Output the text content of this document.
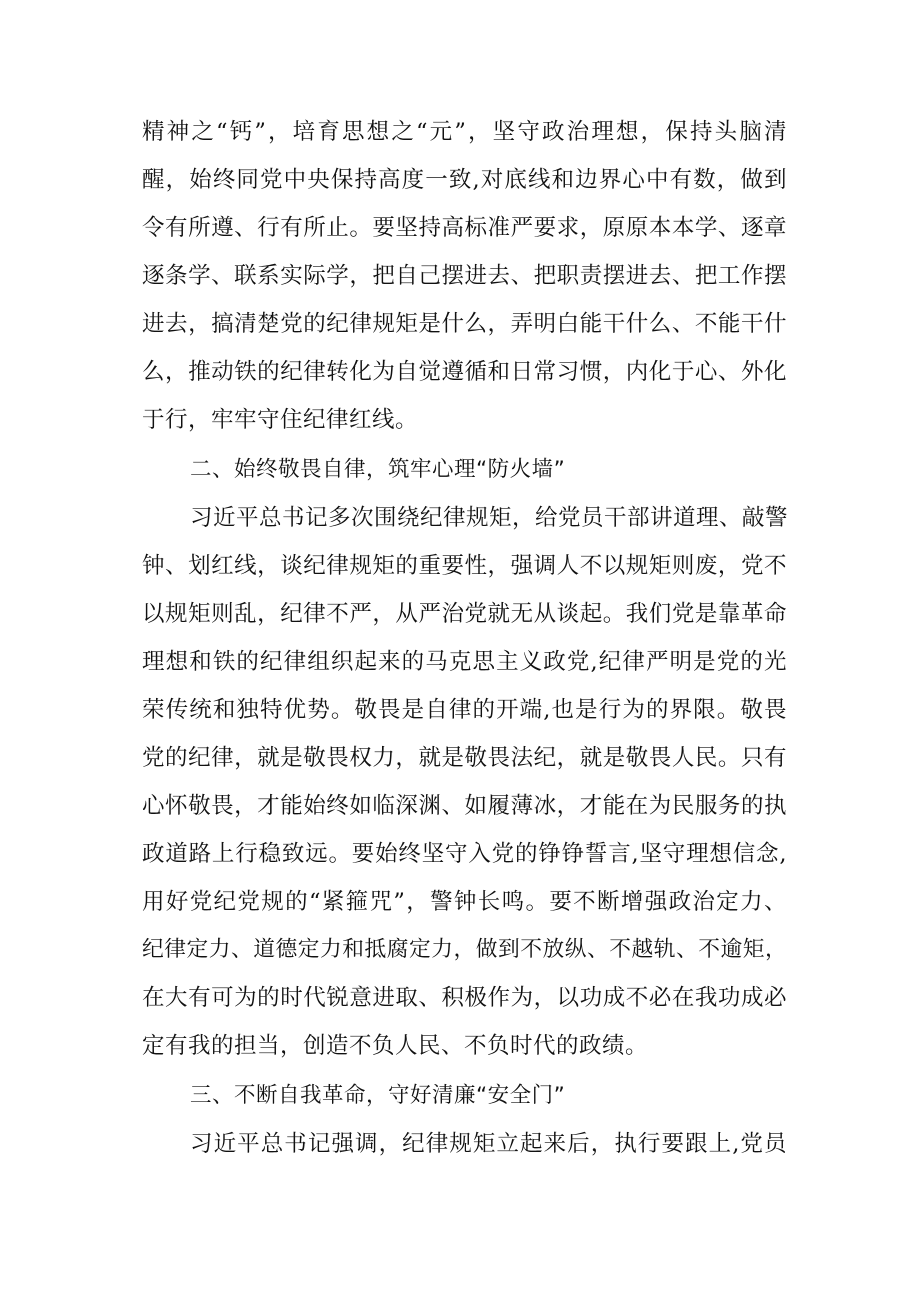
精神之“钙”，培育思想之“元”，坚守政治理想，保持头脑清
醒，始终同党中央保持高度一致,对底线和边界心中有数，做到
令有所遵、行有所止。要坚持高标准严要求，原原本本学、逐章
逐条学、联系实际学，把自己摆进去、把职责摆进去、把工作摆
进去，搞清楚党的纪律规矩是什么，弄明白能干什么、不能干什
么，推动铁的纪律转化为自觉遵循和日常习惯，内化于心、外化
于行，牢牢守住纪律红线。
二、始终敬畏自律，筑牢心理“防火墙”
习近平总书记多次围绕纪律规矩，给党员干部讲道理、敲警
钟、划红线，谈纪律规矩的重要性，强调人不以规矩则废，党不
以规矩则乱，纪律不严，从严治党就无从谈起。我们党是靠革命
理想和铁的纪律组织起来的马克思主义政党,纪律严明是党的光
荣传统和独特优势。敬畏是自律的开端,也是行为的界限。敬畏
党的纪律，就是敬畏权力，就是敬畏法纪，就是敬畏人民。只有
心怀敬畏，才能始终如临深渊、如履薄冰，才能在为民服务的执
政道路上行稳致远。要始终坚守入党的铮铮誓言,坚守理想信念,
用好党纪党规的“紧箍咒”，警钟长鸣。要不断增强政治定力、
纪律定力、道德定力和抵腐定力，做到不放纵、不越轨、不逾矩，
在大有可为的时代锐意进取、积极作为，以功成不必在我功成必
定有我的担当，创造不负人民、不负时代的政绩。
三、不断自我革命，守好清廉“安全门”
习近平总书记强调，纪律规矩立起来后，执行要跟上,党员
